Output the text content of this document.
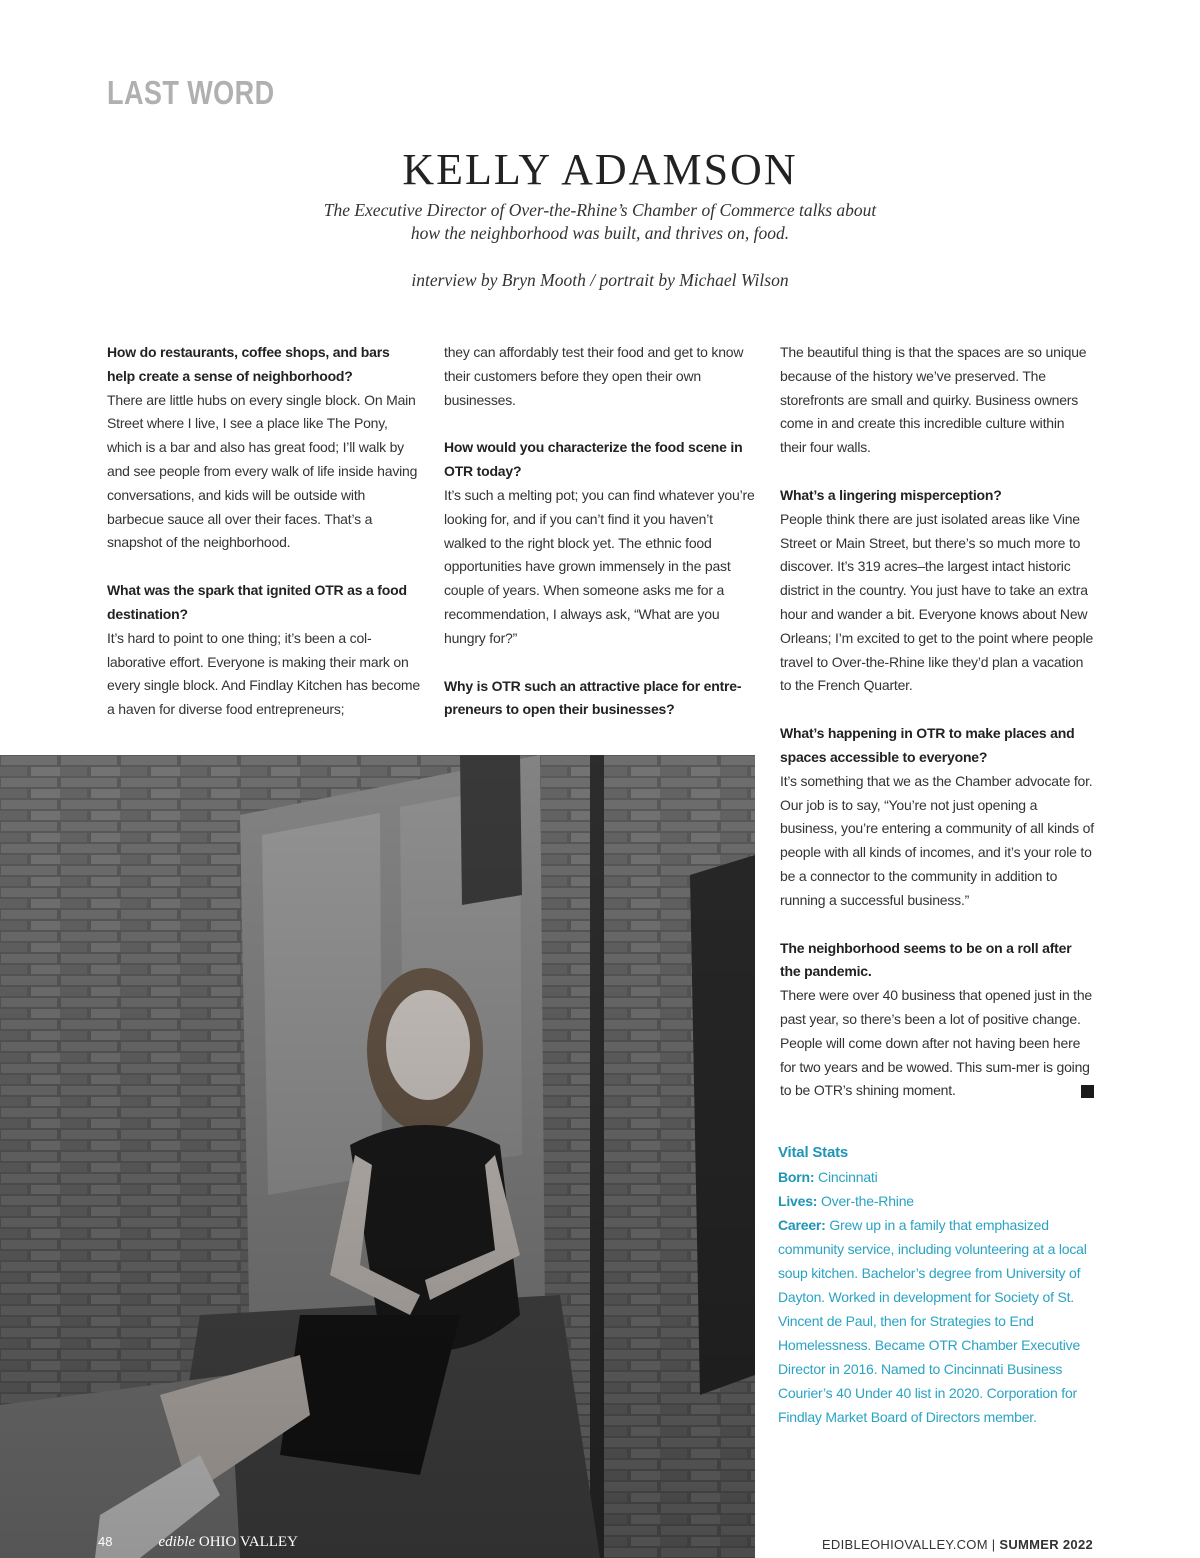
LAST WORD
KELLY ADAMSON
The Executive Director of Over-the-Rhine’s Chamber of Commerce talks about
how the neighborhood was built, and thrives on, food.
interview by Bryn Mooth / portrait by Michael Wilson
How do restaurants, coffee shops, and bars help create a sense of neighborhood?
There are little hubs on every single block. On Main Street where I live, I see a place like The Pony, which is a bar and also has great food; I’ll walk by and see people from every walk of life inside having conversations, and kids will be outside with barbecue sauce all over their faces. That’s a snapshot of the neighborhood.
What was the spark that ignited OTR as a food destination?
It’s hard to point to one thing; it’s been a col-laborative effort. Everyone is making their mark on every single block. And Findlay Kitchen has become a haven for diverse food entrepreneurs;
they can affordably test their food and get to know their customers before they open their own businesses.
How would you characterize the food scene in OTR today?
It’s such a melting pot; you can find whatever you’re looking for, and if you can’t find it you haven’t walked to the right block yet. The ethnic food opportunities have grown immensely in the past couple of years. When someone asks me for a recommendation, I always ask, “What are you hungry for?”
Why is OTR such an attractive place for entre-preneurs to open their businesses?
The beautiful thing is that the spaces are so unique because of the history we’ve preserved. The storefronts are small and quirky. Business owners come in and create this incredible culture within their four walls.
What’s a lingering misperception?
People think there are just isolated areas like Vine Street or Main Street, but there’s so much more to discover. It’s 319 acres–the largest intact historic district in the country. You just have to take an extra hour and wander a bit. Everyone knows about New Orleans; I’m excited to get to the point where people travel to Over-the-Rhine like they’d plan a vacation to the French Quarter.
What’s happening in OTR to make places and spaces accessible to everyone?
It’s something that we as the Chamber advocate for. Our job is to say, “You’re not just opening a business, you’re entering a community of all kinds of people with all kinds of incomes, and it’s your role to be a connector to the community in addition to running a successful business.”
The neighborhood seems to be on a roll after the pandemic.
There were over 40 business that opened just in the past year, so there’s been a lot of positive change. People will come down after not having been here for two years and be wowed. This sum-mer is going to be OTR’s shining moment.
Vital Stats
Born: Cincinnati
Lives: Over-the-Rhine
Career: Grew up in a family that emphasized community service, including volunteering at a local soup kitchen. Bachelor’s degree from University of Dayton. Worked in development for Society of St. Vincent de Paul, then for Strategies to End Homelessness. Became OTR Chamber Executive Director in 2016. Named to Cincinnati Business Courier’s 40 Under 40 list in 2020. Corporation for Findlay Market Board of Directors member.
48	edible OHIO VALLEY	EDIBLEOHIOVALLEY.COM | SUMMER 2022
